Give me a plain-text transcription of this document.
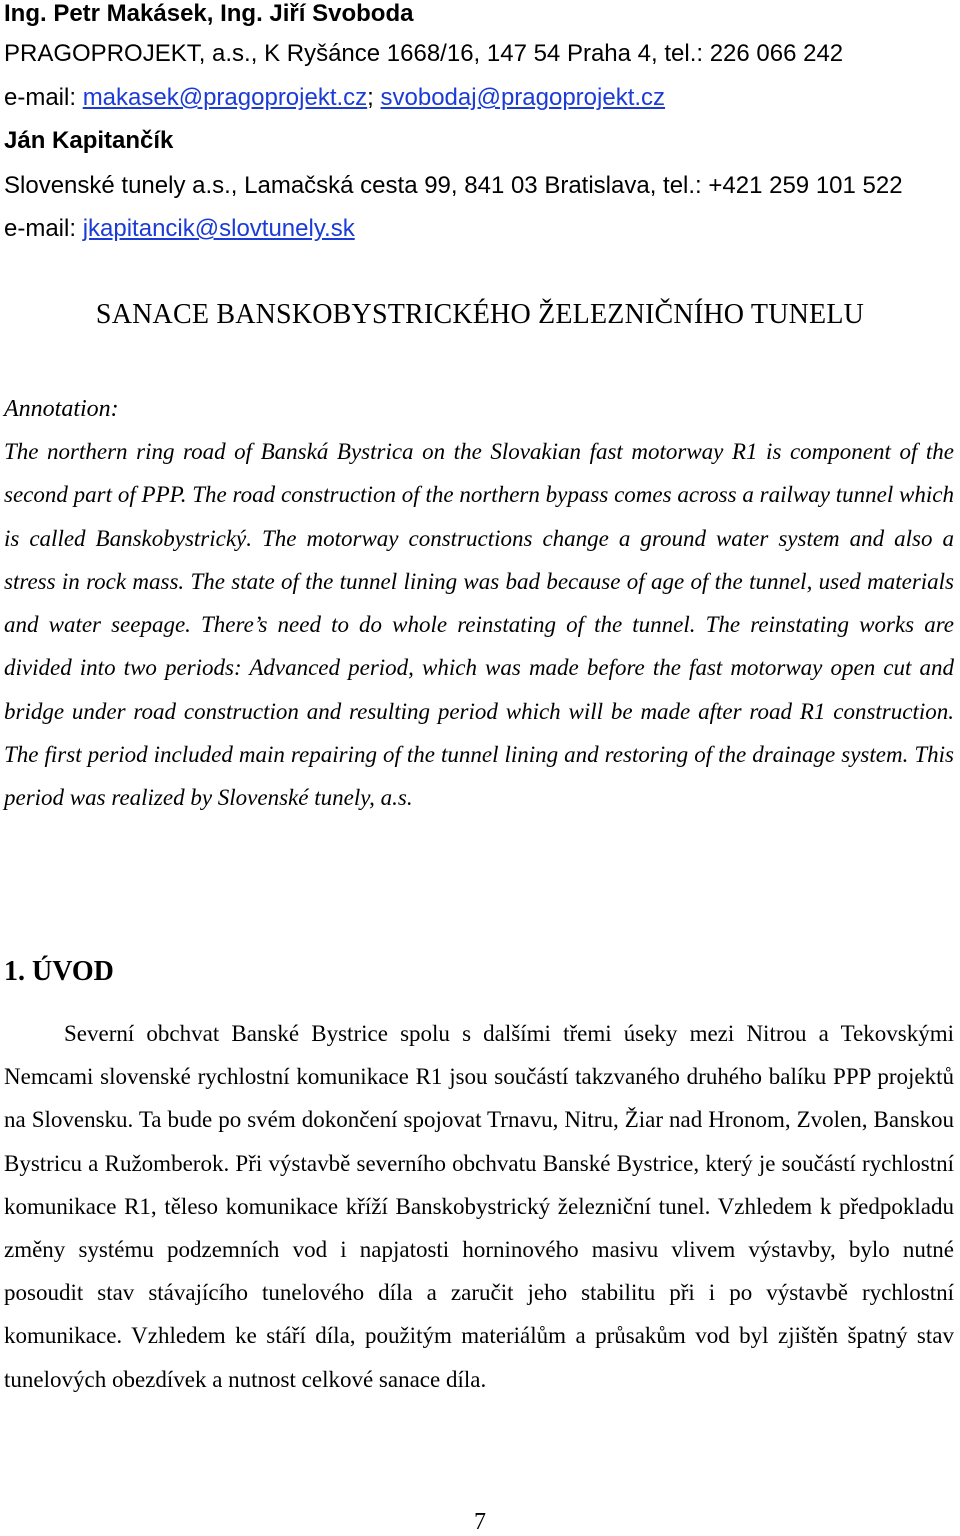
Ing. Petr Makásek, Ing. Jiří Svoboda
PRAGOPROJEKT, a.s., K Ryšánce 1668/16, 147 54 Praha 4, tel.: 226 066 242
e-mail: makasek@pragoprojekt.cz; svobodaj@pragoprojekt.cz
Ján Kapitančík
Slovenské tunely a.s., Lamačská cesta 99, 841 03 Bratislava, tel.: +421 259 101 522
e-mail: jkapitancik@slovtunely.sk
SANACE BANSKOBYSTRICKÉHO ŽELEZNIČNÍHO TUNELU
Annotation:
The northern ring road of Banská Bystrica on the Slovakian fast motorway R1 is component of the second part of PPP. The road construction of the northern bypass comes across a railway tunnel which is called Banskobystrický. The motorway constructions change a ground water system and also a stress in rock mass. The state of the tunnel lining was bad because of age of the tunnel, used materials and water seepage. There’s need to do whole reinstating of the tunnel. The reinstating works are divided into two periods: Advanced period, which was made before the fast motorway open cut and bridge under road construction and resulting period which will be made after road R1 construction. The first period included main repairing of the tunnel lining and restoring of the drainage system. This period was realized by Slovenské tunely, a.s.
1. ÚVOD
Severní obchvat Banské Bystrice spolu s dalšími třemi úseky mezi Nitrou a Tekovskými Nemcami slovenské rychlostní komunikace R1 jsou součástí takzvaného druhého balíku PPP projektů na Slovensku. Ta bude po svém dokončení spojovat Trnavu, Nitru, Žiar nad Hronom, Zvolen, Banskou Bystricu a Ružomberok. Při výstavbě severního obchvatu Banské Bystrice, který je součástí rychlostní komunikace R1, těleso komunikace kříží Banskobystrický železniční tunel. Vzhledem k předpokladu změny systému podzemních vod i napjatosti horninového masivu vlivem výstavby, bylo nutné posoudit stav stávajícího tunelového díla a zaručit jeho stabilitu při i po výstavbě rychlostní komunikace. Vzhledem ke stáří díla, použitým materiálům a průsakům vod byl zjištěn špatný stav tunelových obezdívek a nutnost celkové sanace díla.
7
